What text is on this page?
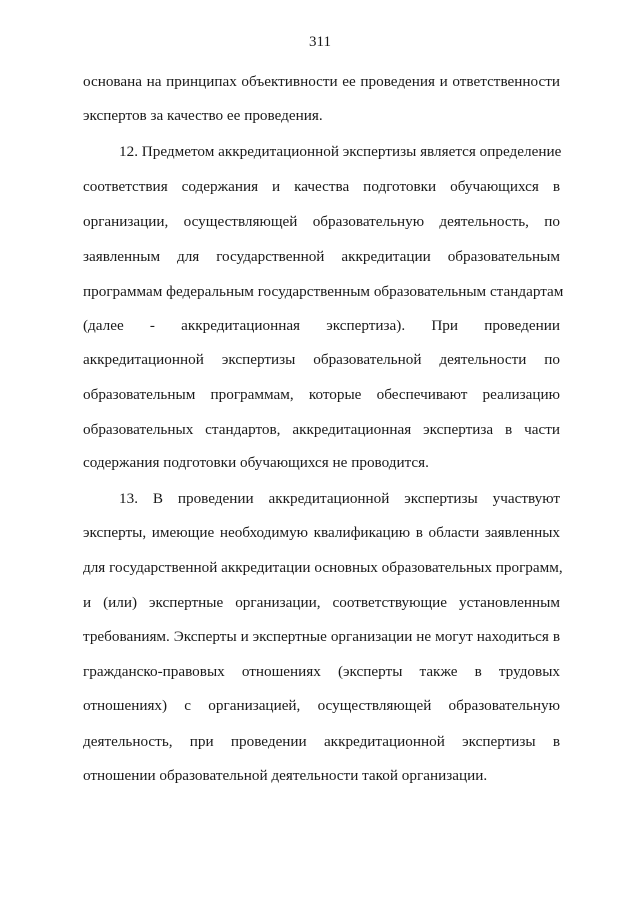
311
основана на принципах объективности ее проведения и ответственности
экспертов за качество ее проведения.
12. Предметом аккредитационной экспертизы является определение
соответствия содержания и качества подготовки обучающихся в
организации, осуществляющей образовательную деятельность, по
заявленным для государственной аккредитации образовательным
программам федеральным государственным образовательным стандартам
(далее - аккредитационная экспертиза). При проведении
аккредитационной экспертизы образовательной деятельности по
образовательным программам, которые обеспечивают реализацию
образовательных стандартов, аккредитационная экспертиза в части
содержания подготовки обучающихся не проводится.
13. В проведении аккредитационной экспертизы участвуют
эксперты, имеющие необходимую квалификацию в области заявленных
для государственной аккредитации основных образовательных программ,
и (или) экспертные организации, соответствующие установленным
требованиям. Эксперты и экспертные организации не могут находиться в
гражданско-правовых отношениях (эксперты также в трудовых
отношениях) с организацией, осуществляющей образовательную
деятельность, при проведении аккредитационной экспертизы в
отношении образовательной деятельности такой организации.
